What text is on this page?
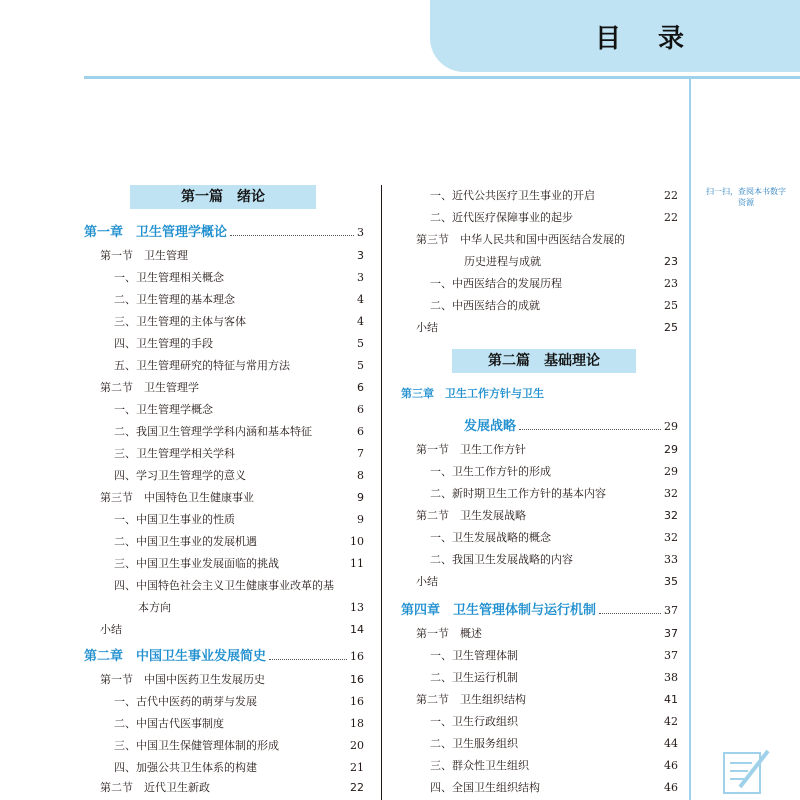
目 录
扫一扫，查阅本书数字资源
第一篇　绪论
第一章　卫生管理学概论	3
第一节　卫生管理	3
一、卫生管理相关概念	3
二、卫生管理的基本理念	4
三、卫生管理的主体与客体	4
四、卫生管理的手段	5
五、卫生管理研究的特征与常用方法	5
第二节　卫生管理学	6
一、卫生管理学概念	6
二、我国卫生管理学学科内涵和基本特征	6
三、卫生管理学相关学科	7
四、学习卫生管理学的意义	8
第三节　中国特色卫生健康事业	9
一、中国卫生事业的性质	9
二、中国卫生事业的发展机遇	10
三、中国卫生事业发展面临的挑战	11
四、中国特色社会主义卫生健康事业改革的基
本方向	13
小结	14
第二章　中国卫生事业发展简史	16
第一节　中国中医药卫生发展历史	16
一、古代中医药的萌芽与发展	16
二、中国古代医事制度	18
三、中国卫生保健管理体制的形成	20
四、加强公共卫生体系的构建	21
第二节　近代卫生新政	22
一、近代公共医疗卫生事业的开启	22
二、近代医疗保障事业的起步	22
第三节　中华人民共和国中西医结合发展的
历史进程与成就	23
一、中西医结合的发展历程	23
二、中西医结合的成就	25
小结	25
第二篇　基础理论
第三章　卫生工作方针与卫生
发展战略	29
第一节　卫生工作方针	29
一、卫生工作方针的形成	29
二、新时期卫生工作方针的基本内容	32
第二节　卫生发展战略	32
一、卫生发展战略的概念	32
二、我国卫生发展战略的内容	33
小结	35
第四章　卫生管理体制与运行机制	37
第一节　概述	37
一、卫生管理体制	37
二、卫生运行机制	38
第二节　卫生组织结构	41
一、卫生行政组织	42
二、卫生服务组织	44
三、群众性卫生组织	46
四、全国卫生组织结构	46
